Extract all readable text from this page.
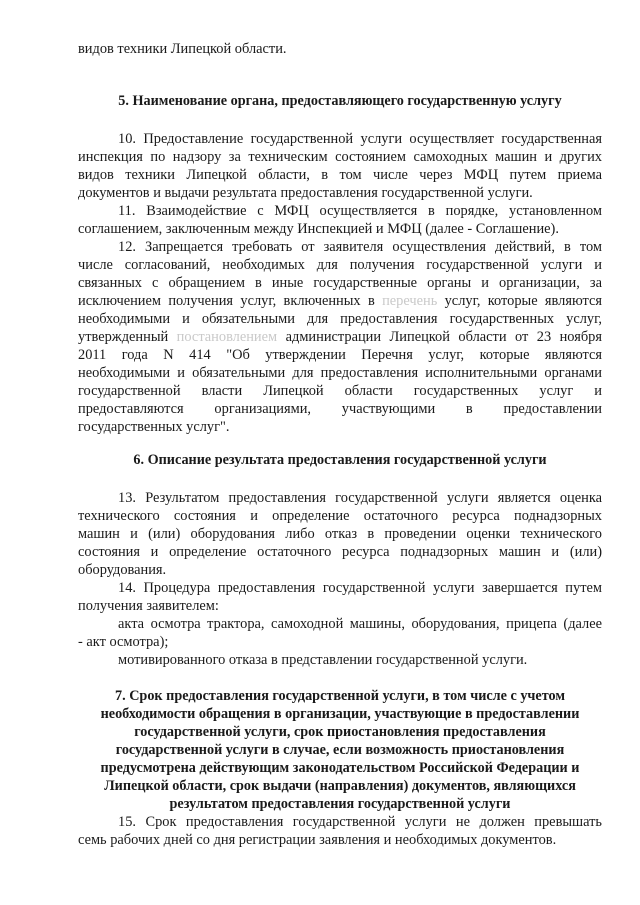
видов техники Липецкой области.
5. Наименование органа, предоставляющего государственную услугу
10. Предоставление государственной услуги осуществляет государственная
инспекция по надзору за техническим состоянием самоходных машин и других
видов техники Липецкой области, в том числе через МФЦ путем приема
документов и выдачи результата предоставления государственной услуги.
11. Взаимодействие с МФЦ осуществляется в порядке, установленном
соглашением, заключенным между Инспекцией и МФЦ (далее - Соглашение).
12. Запрещается требовать от заявителя осуществления действий, в том
числе согласований, необходимых для получения государственной услуги и
связанных с обращением в иные государственные органы и организации, за
исключением получения услуг, включенных в перечень услуг, которые являются
необходимыми и обязательными для предоставления государственных услуг,
утвержденный постановлением администрации Липецкой области от 23 ноября
2011 года N 414 "Об утверждении Перечня услуг, которые являются
необходимыми и обязательными для предоставления исполнительными органами
государственной власти Липецкой области государственных услуг и
предоставляются организациями, участвующими в предоставлении
государственных услуг".
6. Описание результата предоставления государственной услуги
13. Результатом предоставления государственной услуги является оценка
технического состояния и определение остаточного ресурса поднадзорных
машин и (или) оборудования либо отказ в проведении оценки технического
состояния и определение остаточного ресурса поднадзорных машин и (или)
оборудования.
14. Процедура предоставления государственной услуги завершается путем
получения заявителем:
акта осмотра трактора, самоходной машины, оборудования, прицепа (далее
- акт осмотра);
мотивированного отказа в представлении государственной услуги.
7. Срок предоставления государственной услуги, в том числе с учетом
необходимости обращения в организации, участвующие в предоставлении
государственной услуги, срок приостановления предоставления
государственной услуги в случае, если возможность приостановления
предусмотрена действующим законодательством Российской Федерации и
Липецкой области, срок выдачи (направления) документов, являющихся
результатом предоставления государственной услуги
15. Срок предоставления государственной услуги не должен превышать
семь рабочих дней со дня регистрации заявления и необходимых документов.
